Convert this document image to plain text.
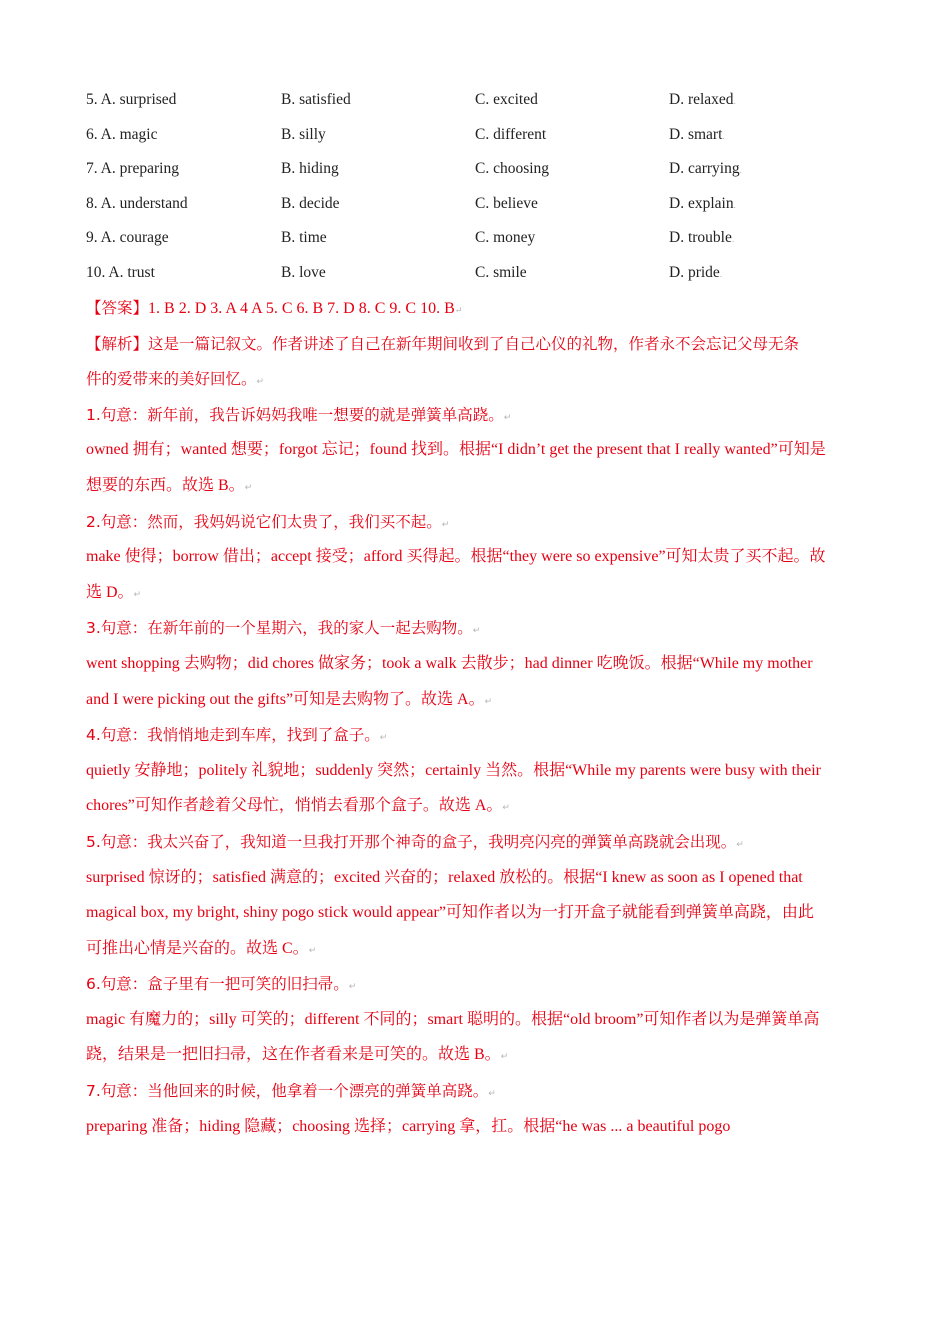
5. A. surprised	B. satisfied	C. excited	D. relaxed.
6. A. magic	B. silly	C. different	D. smart.
7. A. preparing	B. hiding	C. choosing	D. carrying.
8. A. understand	B. decide	C. believe	D. explain.
9. A. courage	B. time	C. money	D. trouble.
10. A. trust	B. love	C. smile	D. pride.
【答案】1. B 2. D 3. A 4 A 5. C 6. B 7. D 8. C 9. C 10. B↵
【解析】这是一篇记叙文。作者讲述了自己在新年期间收到了自己心仪的礼物，作者永不会忘记父母无条
件的爱带来的美好回忆。↵
1.句意：新年前，我告诉妈妈我唯一想要的就是弹簧单高跷。↵
owned 拥有；wanted 想要；forgot 忘记；found 找到。根据“I didn’t get the present that I really wanted”可知是
想要的东西。故选 B。↵
2.句意：然而，我妈妈说它们太贵了，我们买不起。↵
make 使得；borrow 借出；accept 接受；afford 买得起。根据“they were so expensive”可知太贵了买不起。故
选 D。↵
3.句意：在新年前的一个星期六，我的家人一起去购物。↵
went shopping 去购物；did chores 做家务；took a walk 去散步；had dinner 吃晚饭。根据“While my mother
and I were picking out the gifts”可知是去购物了。故选 A。↵
4.句意：我悄悄地走到车库，找到了盒子。↵
quietly 安静地；politely 礼貌地；suddenly 突然；certainly 当然。根据“While my parents were busy with their
chores”可知作者趁着父母忙，悄悄去看那个盒子。故选 A。↵
5.句意：我太兴奋了，我知道一旦我打开那个神奇的盒子，我明亮闪亮的弹簧单高跷就会出现。↵
surprised 惊讶的；satisfied 满意的；excited 兴奋的；relaxed 放松的。根据“I knew as soon as I opened that
magical box, my bright, shiny pogo stick would appear”可知作者以为一打开盒子就能看到弹簧单高跷，由此
可推出心情是兴奋的。故选 C。↵
6.句意：盒子里有一把可笑的旧扫帚。↵
magic 有魔力的；silly 可笑的；different 不同的；smart 聪明的。根据“old broom”可知作者以为是弹簧单高
跷，结果是一把旧扫帚，这在作者看来是可笑的。故选 B。↵
7.句意：当他回来的时候，他拿着一个漂亮的弹簧单高跷。↵
preparing 准备；hiding 隐藏；choosing 选择；carrying 拿，扛。根据“he was ... a beautiful pogo
